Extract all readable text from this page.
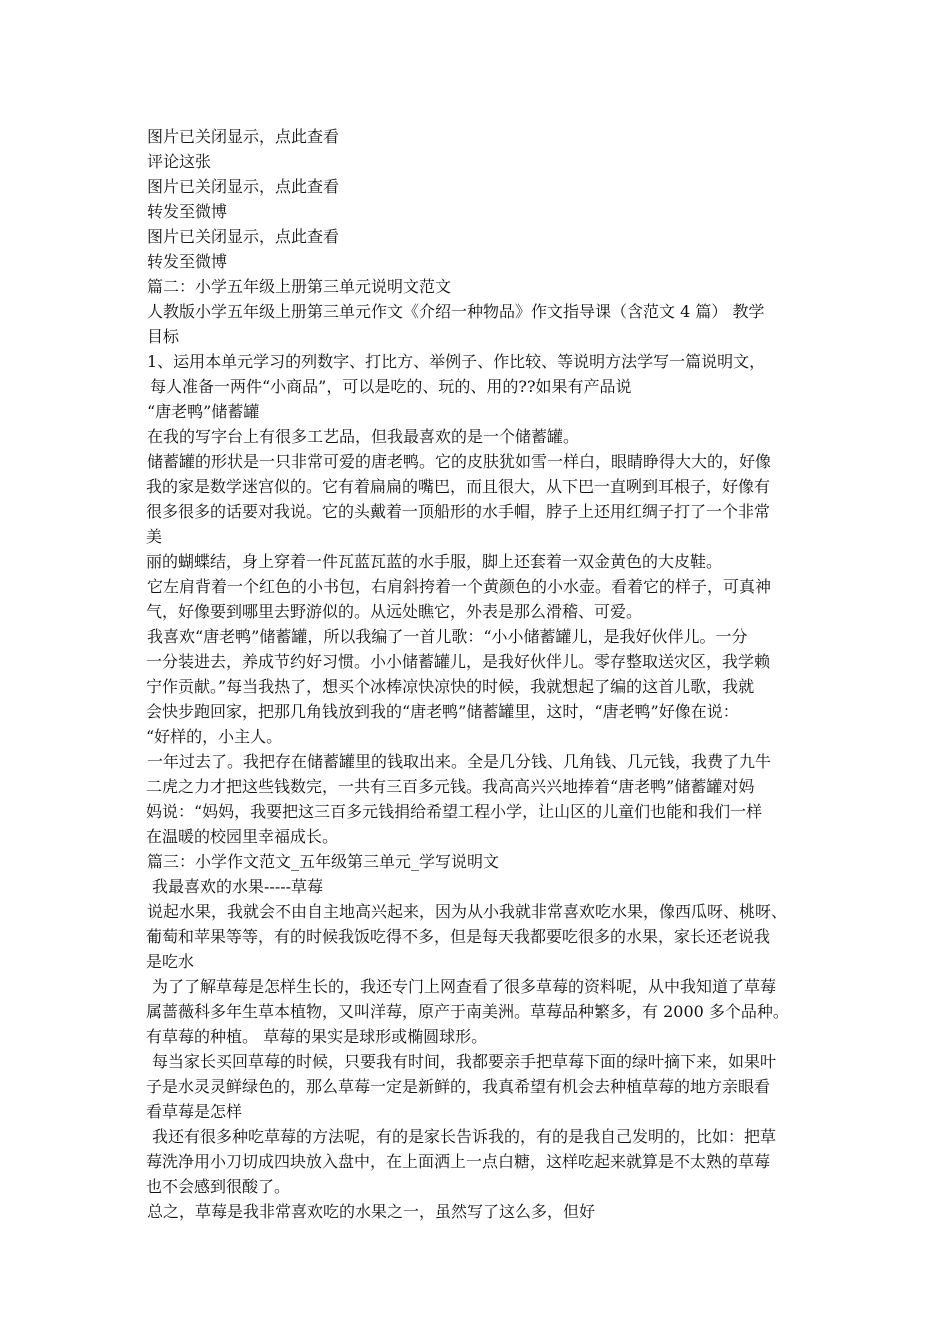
图片已关闭显示，点此查看

评论这张

图片已关闭显示，点此查看

转发至微博

图片已关闭显示，点此查看

转发至微博

篇二：小学五年级上册第三单元说明文范文

人教版小学五年级上册第三单元作文《介绍一种物品》作文指导课（含范文 4 篇） 教学

目标

1、运用本单元学习的列数字、打比方、举例子、作比较、等说明方法学写一篇说明文，

每人准备一两件“小商品”，可以是吃的、玩的、用的??如果有产品说

“唐老鸭”储蓄罐

在我的写字台上有很多工艺品，但我最喜欢的是一个储蓄罐。

储蓄罐的形状是一只非常可爱的唐老鸭。它的皮肤犹如雪一样白，眼睛睁得大大的，好像

我的家是数学迷宫似的。它有着扁扁的嘴巴，而且很大，从下巴一直咧到耳根子，好像有

很多很多的话要对我说。它的头戴着一顶船形的水手帽，脖子上还用红绸子打了一个非常

美

丽的蝴蝶结，身上穿着一件瓦蓝瓦蓝的水手服，脚上还套着一双金黄色的大皮鞋。

它左肩背着一个红色的小书包，右肩斜挎着一个黄颜色的小水壶。看着它的样子，可真神

气，好像要到哪里去野游似的。从远处瞧它，外表是那么滑稽、可爱。

我喜欢“唐老鸭”储蓄罐，所以我编了一首儿歌：“小小储蓄罐儿，是我好伙伴儿。一分

一分装进去，养成节约好习惯。小小储蓄罐儿，是我好伙伴儿。零存整取送灾区，我学赖

宁作贡献。”每当我热了，想买个冰棒凉快凉快的时候，我就想起了编的这首儿歌，我就

会快步跑回家，把那几角钱放到我的“唐老鸭”储蓄罐里，这时，“唐老鸭”好像在说：

“好样的，小主人。

一年过去了。我把存在储蓄罐里的钱取出来。全是几分钱、几角钱、几元钱，我费了九牛

二虎之力才把这些钱数完，一共有三百多元钱。我高高兴兴地捧着“唐老鸭”储蓄罐对妈

妈说：“妈妈，我要把这三百多元钱捐给希望工程小学，让山区的儿童们也能和我们一样

在温暖的校园里幸福成长。

篇三：小学作文范文_五年级第三单元_学写说明文

我最喜欢的水果-----草莓

说起水果，我就会不由自主地高兴起来，因为从小我就非常喜欢吃水果，像西瓜呀、桃呀、

葡萄和苹果等等，有的时候我饭吃得不多，但是每天我都要吃很多的水果，家长还老说我

是吃水

为了了解草莓是怎样生长的，我还专门上网查看了很多草莓的资料呢，从中我知道了草莓

属蔷薇科多年生草本植物，又叫洋莓，原产于南美洲。草莓品种繁多，有 2000 多个品种。

有草莓的种植。 草莓的果实是球形或椭圆球形。

每当家长买回草莓的时候，只要我有时间，我都要亲手把草莓下面的绿叶摘下来，如果叶

子是水灵灵鲜绿色的，那么草莓一定是新鲜的，我真希望有机会去种植草莓的地方亲眼看

看草莓是怎样

我还有很多种吃草莓的方法呢，有的是家长告诉我的，有的是我自己发明的，比如：把草

莓洗净用小刀切成四块放入盘中，在上面洒上一点白糖，这样吃起来就算是不太熟的草莓

也不会感到很酸了。

总之，草莓是我非常喜欢吃的水果之一，虽然写了这么多，但好
